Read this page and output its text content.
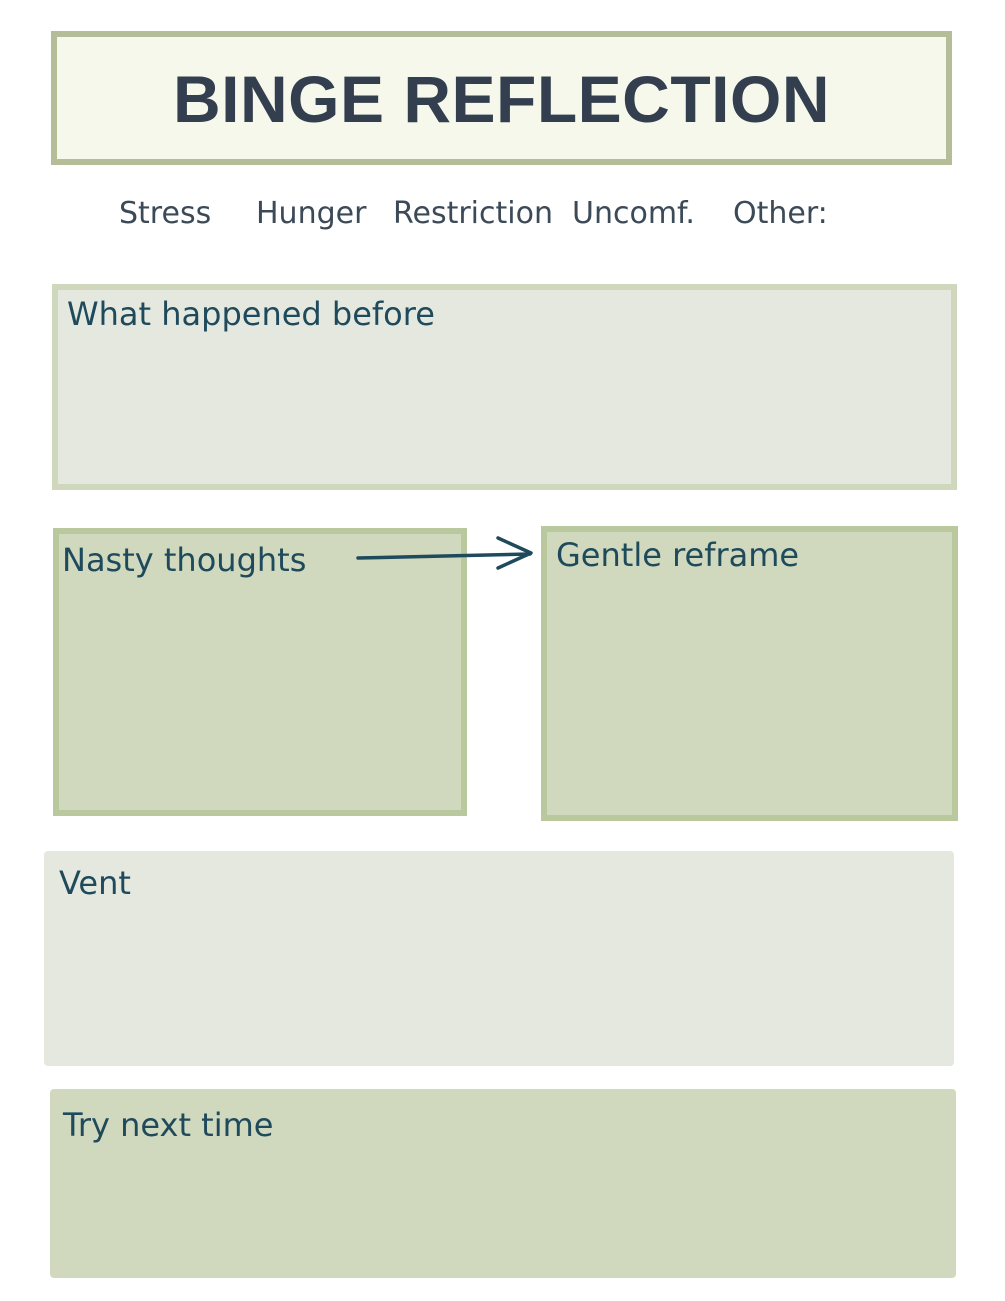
BINGE REFLECTION
Stress Hunger Restriction Uncomf. Other:
What happened before
Nasty thoughts	Gentle reframe
Vent
Try next time
